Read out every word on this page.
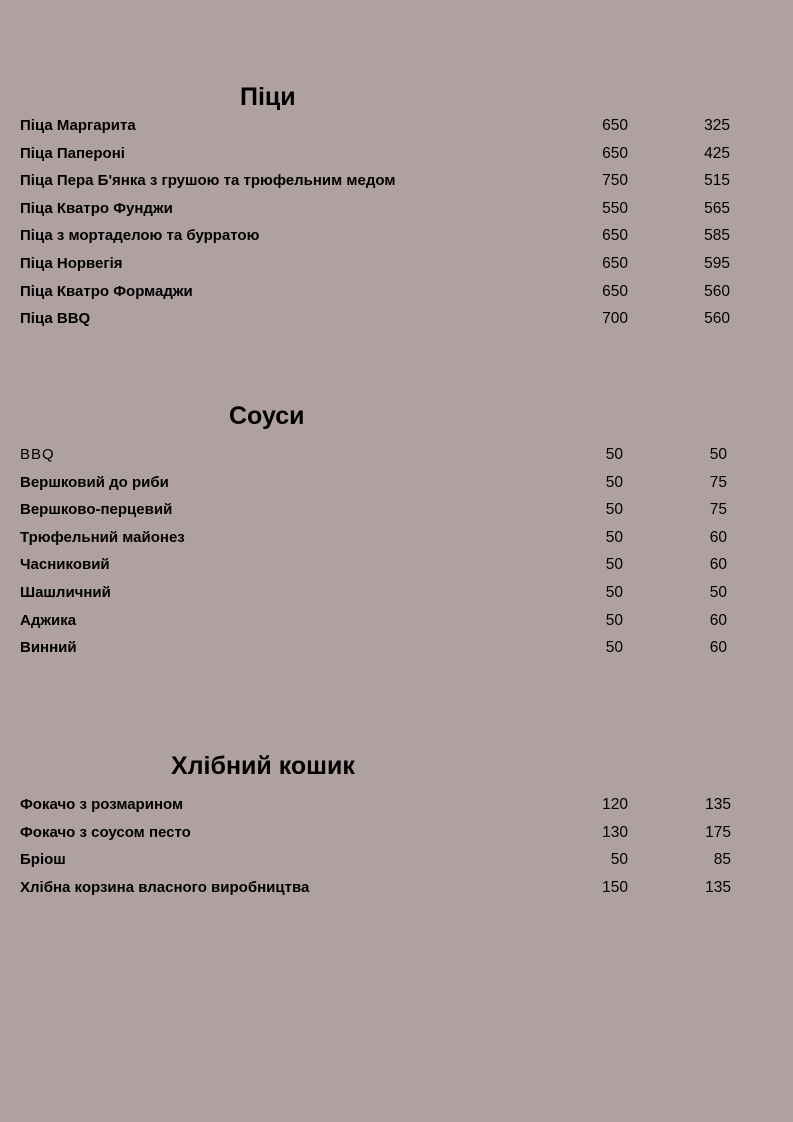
Піци
Піца Маргарита	650	325
Піца Папероні	650	425
Піца Пера Б'янка з грушою та трюфельним медом	750	515
Піца Кватро Фунджи	550	565
Піца з мортаделою та бурратою	650	585
Піца Норвегія	650	595
Піца Кватро Формаджи	650	560
Піца BBQ	700	560
Соуси
BBQ	50	50
Вершковий до риби	50	75
Вершково-перцевий	50	75
Трюфельний майонез	50	60
Часниковий	50	60
Шашличний	50	50
Аджика	50	60
Винний	50	60
Хлібний кошик
Фокачо з розмарином	120	135
Фокачо з соусом песто	130	175
Бріош	50	85
Хлібна корзина власного виробництва	150	135
